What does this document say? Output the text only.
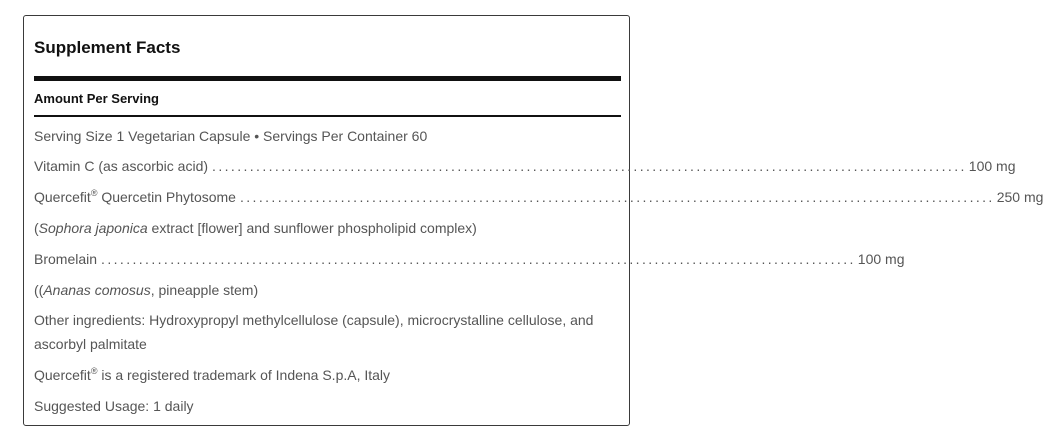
Supplement Facts
Amount Per Serving
Serving Size 1 Vegetarian Capsule • Servings Per Container 60
Vitamin C (as ascorbic acid) ........................................................................................................................ 100 mg
Quercefit® Quercetin Phytosome ........................................................................................................................ 250 mg
(Sophora japonica extract [flower] and sunflower phospholipid complex)
Bromelain ........................................................................................................................ 100 mg
((Ananas comosus, pineapple stem)
Other ingredients: Hydroxypropyl methylcellulose (capsule), microcrystalline cellulose, and ascorbyl palmitate
Quercefit® is a registered trademark of Indena S.p.A, Italy
Suggested Usage: 1 daily
